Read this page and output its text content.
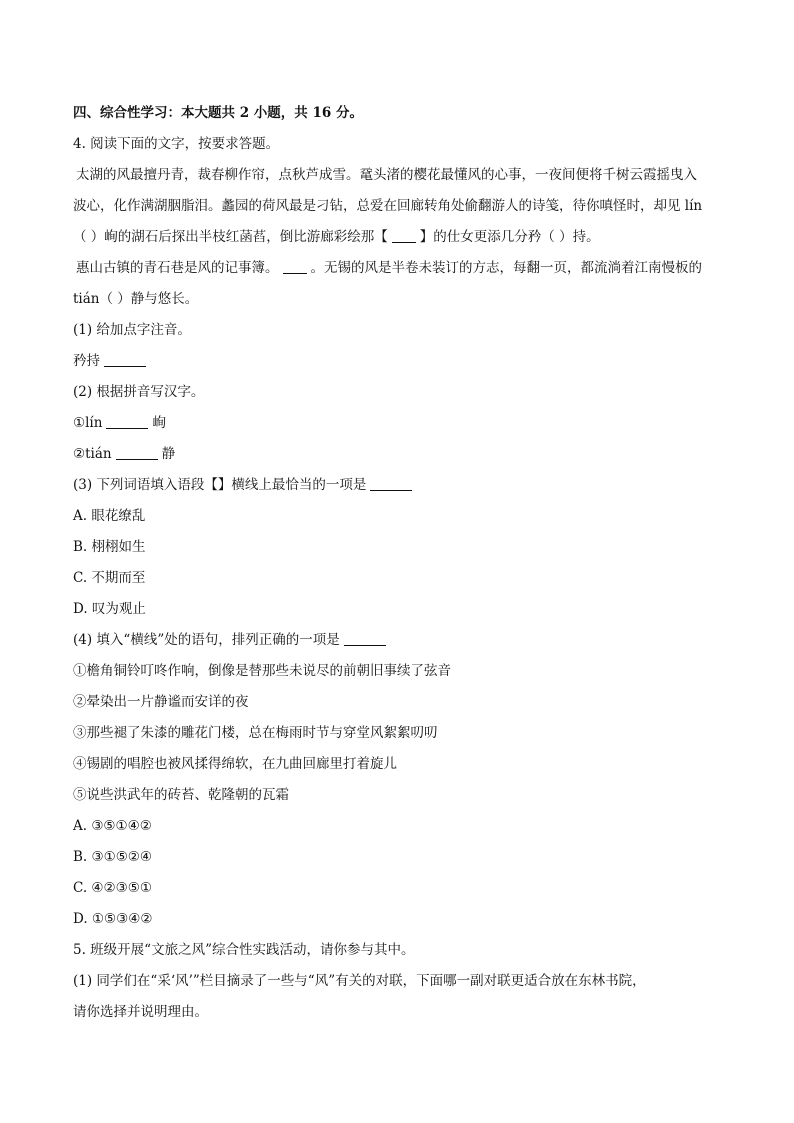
四、综合性学习：本大题共 2 小题，共 16 分。
4. 阅读下面的文字，按要求答题。
太湖的风最擅丹青，裁春柳作帘，点秋芦成雪。鼋头渚的樱花最懂风的心事，一夜间便将千树云霞摇曳入
波心，化作满湖胭脂泪。蠡园的荷风最是刁钻，总爱在回廊转角处偷翻游人的诗笺，待你嗔怪时，却见 lín
（ ）峋的湖石后探出半枝红菡萏，倒比游廊彩绘那【 】的仕女更添几分矜（ ）持。
惠山古镇的青石巷是风的记事簿。 。无锡的风是半卷未装订的方志，每翻一页，都流淌着江南慢板的
tián（ ）静与悠长。
(1) 给加点字注音。
矜持
(2) 根据拼音写汉字。
①lín	峋
②tián	静
(3) 下列词语填入语段【】横线上最恰当的一项是
A. 眼花缭乱
B. 栩栩如生
C. 不期而至
D. 叹为观止
(4) 填入“横线”处的语句，排列正确的一项是
①檐角铜铃叮咚作响，倒像是替那些未说尽的前朝旧事续了弦音
②晕染出一片静谧而安详的夜
③那些褪了朱漆的雕花门楼，总在梅雨时节与穿堂风絮絮叨叨
④锡剧的唱腔也被风揉得绵软，在九曲回廊里打着旋儿
⑤说些洪武年的砖苔、乾隆朝的瓦霜
A. ③⑤①④②
B. ③①⑤②④
C. ④②③⑤①
D. ①⑤③④②
5. 班级开展“文旅之风”综合性实践活动，请你参与其中。
(1) 同学们在“采‘风’”栏目摘录了一些与“风”有关的对联，下面哪一副对联更适合放在东林书院，
请你选择并说明理由。
